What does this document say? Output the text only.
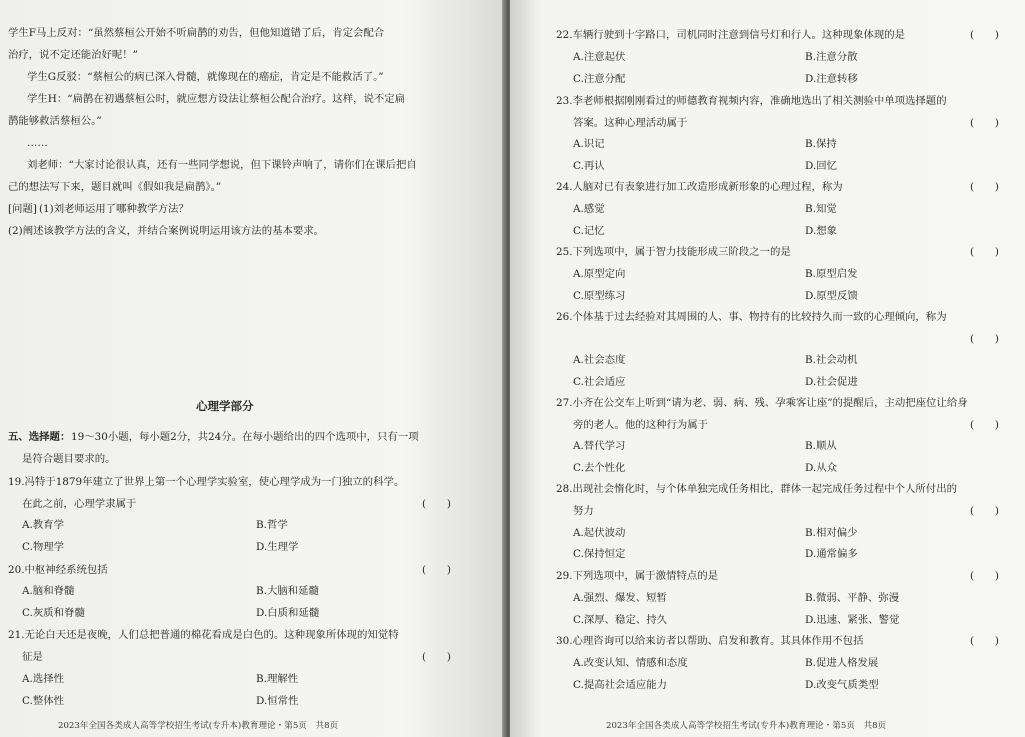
学生F马上反对：“虽然蔡桓公开始不听扁鹊的劝告，但他知道错了后，肯定会配合
治疗，说不定还能治好呢！”
学生G反驳：“蔡桓公的病已深入骨髓，就像现在的癌症，肯定是不能救活了。”
学生H：“扁鹊在初遇蔡桓公时，就应想方设法让蔡桓公配合治疗。这样，说不定扁
鹊能够救活蔡桓公。”
……
刘老师：“大家讨论很认真，还有一些同学想说，但下课铃声响了，请你们在课后把自
己的想法写下来，题目就叫《假如我是扁鹊》。”
[问题] (1)刘老师运用了哪种教学方法？
(2)阐述该教学方法的含义，并结合案例说明运用该方法的基本要求。
心理学部分
五、选择题： 19～30小题，每小题2分，共24分。在每小题给出的四个选项中，只有一项
是符合题目要求的。
19.冯特于1879年建立了世界上第一个心理学实验室，使心理学成为一门独立的科学。
在此之前，心理学隶属于	(　　)
A.教育学	B.哲学
C.物理学	D.生理学
20.中枢神经系统包括	(　　)
A.脑和脊髓	B.大脑和延髓
C.灰质和脊髓	D.白质和延髓
21.无论白天还是夜晚，人们总把普通的棉花看成是白色的。这种现象所体现的知觉特
征是	(　　)
A.选择性	B.理解性
C.整体性	D.恒常性
2023年全国各类成人高等学校招生考试(专升本)教育理论・第5页　共8页
22.车辆行驶到十字路口，司机同时注意到信号灯和行人。这种现象体现的是	(　　)
A.注意起伏	B.注意分散
C.注意分配	D.注意转移
23.李老师根据刚刚看过的师德教育视频内容，准确地选出了相关测验中单项选择题的
答案。这种心理活动属于	(　　)
A.识记	B.保持
C.再认	D.回忆
24.人脑对已有表象进行加工改造形成新形象的心理过程，称为	(　　)
A.感觉	B.知觉
C.记忆	D.想象
25.下列选项中，属于智力技能形成三阶段之一的是	(　　)
A.原型定向	B.原型启发
C.原型练习	D.原型反馈
26.个体基于过去经验对其周围的人、事、物持有的比较持久而一致的心理倾向，称为
(　　)
A.社会态度	B.社会动机
C.社会适应	D.社会促进
27.小齐在公交车上听到“请为老、弱、病、残、孕乘客让座”的提醒后，主动把座位让给身
旁的老人。他的这种行为属于	(　　)
A.替代学习	B.顺从
C.去个性化	D.从众
28.出现社会惰化时，与个体单独完成任务相比，群体一起完成任务过程中个人所付出的
努力	(　　)
A.起伏波动	B.相对偏少
C.保持恒定	D.通常偏多
29.下列选项中，属于激情特点的是	(　　)
A.强烈、爆发、短暂	B.微弱、平静、弥漫
C.深厚、稳定、持久	D.迅速、紧张、警觉
30.心理咨询可以给来访者以帮助、启发和教育。其具体作用不包括	(　　)
A.改变认知、情感和态度	B.促进人格发展
C.提高社会适应能力	D.改变气质类型
2023年全国各类成人高等学校招生考试(专升本)教育理论・第5页　共8页
